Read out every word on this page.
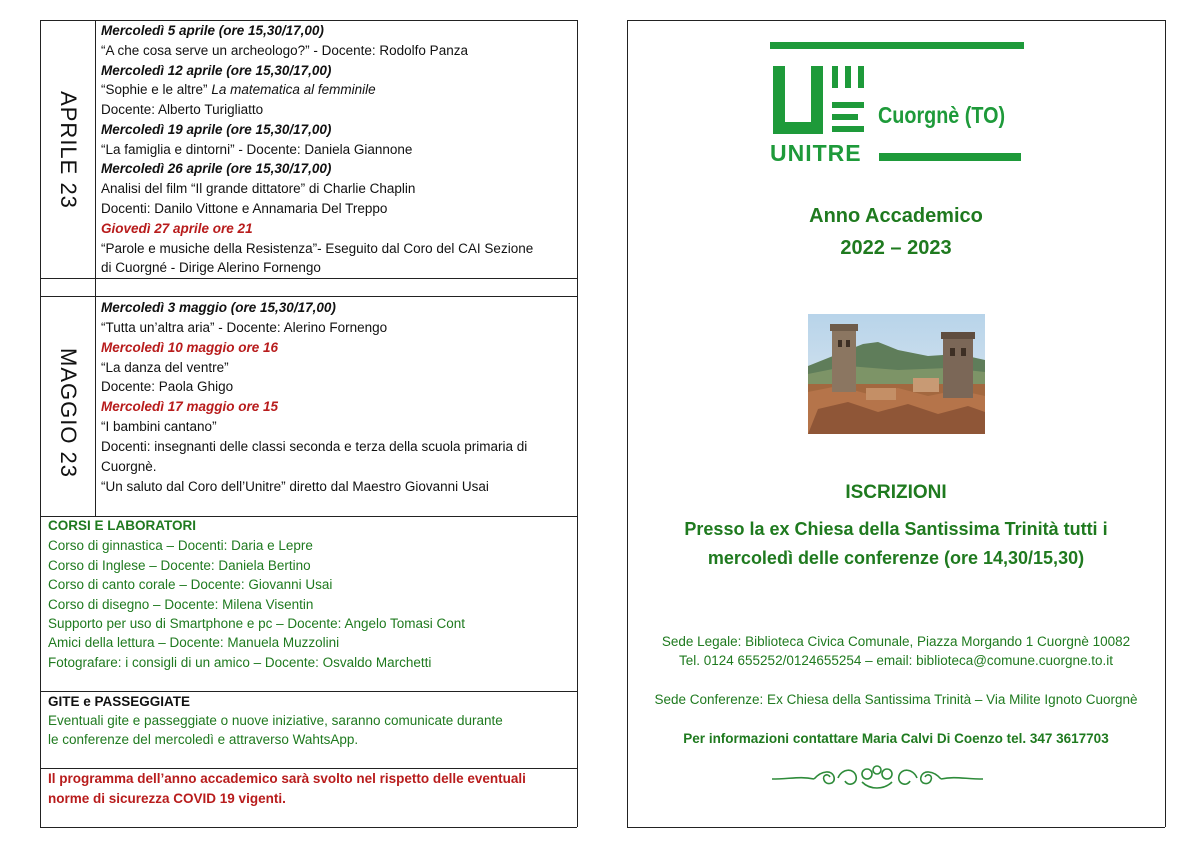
APRILE 23
Mercoledì 5 aprile (ore 15,30/17,00)
“A che cosa serve un archeologo?” - Docente: Rodolfo Panza
Mercoledì 12 aprile (ore 15,30/17,00)
“Sophie e le altre” La matematica al femminile
Docente: Alberto Turigliatto
Mercoledì 19 aprile (ore 15,30/17,00)
“La famiglia e dintorni” - Docente: Daniela Giannone
Mercoledì 26 aprile (ore 15,30/17,00)
Analisi del film “Il grande dittatore” di Charlie Chaplin
Docenti: Danilo Vittone e Annamaria Del Treppo
Giovedì 27 aprile ore 21
“Parole e musiche della Resistenza”- Eseguito dal Coro del CAI Sezione
di Cuorgné - Dirige Alerino Fornengo
MAGGIO 23
Mercoledì 3 maggio (ore 15,30/17,00)
“Tutta un’altra aria” - Docente: Alerino Fornengo
Mercoledì 10 maggio ore 16
“La danza del ventre”
Docente: Paola Ghigo
Mercoledì 17 maggio ore 15
“I bambini cantano”
Docenti: insegnanti delle classi seconda e terza della scuola primaria di
Cuorgnè.
“Un saluto dal Coro dell’Unitre” diretto dal Maestro Giovanni Usai
CORSI E LABORATORI
Corso di ginnastica – Docenti: Daria e Lepre
Corso di Inglese – Docente: Daniela Bertino
Corso di canto corale – Docente: Giovanni Usai
Corso di disegno – Docente: Milena Visentin
Supporto per uso di Smartphone e pc – Docente: Angelo Tomasi Cont
Amici della lettura – Docente: Manuela Muzzolini
Fotografare: i consigli di un amico – Docente: Osvaldo Marchetti
GITE e PASSEGGIATE
Eventuali gite e passeggiate o nuove iniziative, saranno comunicate durante
le conferenze del mercoledì e attraverso WahtsApp.
Il programma dell’anno accademico sarà svolto nel rispetto delle eventuali
norme di sicurezza COVID 19 vigenti.
UNITRE
Cuorgnè (TO)
Anno Accademico
2022 – 2023
ISCRIZIONI
Presso la ex Chiesa della Santissima Trinità tutti i
mercoledì delle conferenze (ore 14,30/15,30)
Sede Legale: Biblioteca Civica Comunale, Piazza Morgando 1 Cuorgnè 10082
Tel. 0124 655252/0124655254 – email: biblioteca@comune.cuorgne.to.it
Sede Conferenze: Ex Chiesa della Santissima Trinità – Via Milite Ignoto Cuorgnè
Per informazioni contattare Maria Calvi Di Coenzo tel. 347 3617703
